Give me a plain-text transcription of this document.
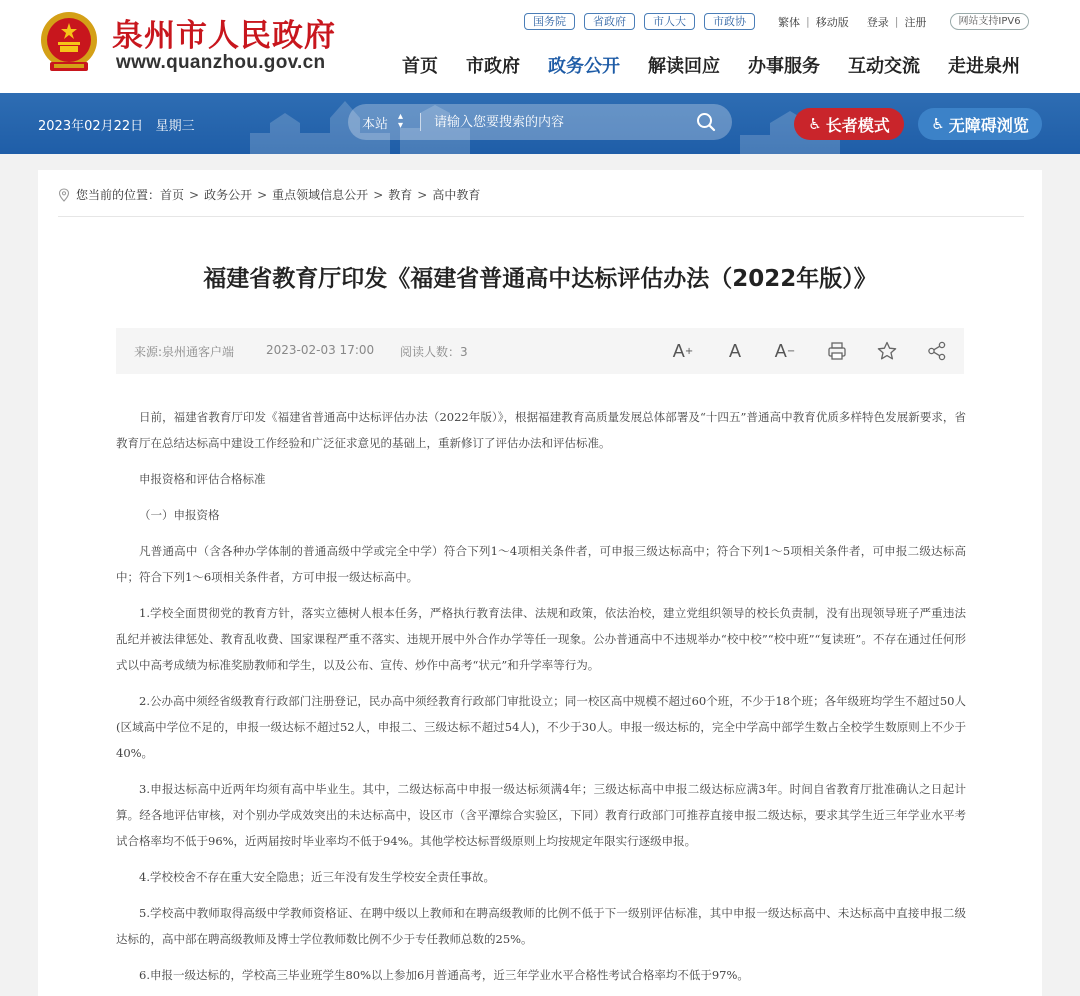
泉州市人民政府
www.quanzhou.gov.cn
国务院	省政府	市人大	市政协	繁体 | 移动版 登录 | 注册	网站支持IPV6
首页 市政府 政务公开 解读回应 办事服务 互动交流 走进泉州
2023年02月22日 星期三	本站
▴
▾
请输入您要搜索的内容	♿ 长者模式	♿ 无障碍浏览
您当前的位置： 首页 > 政务公开 > 重点领域信息公开 > 教育 > 高中教育
福建省教育厅印发《福建省普通高中达标评估办法（2022年版）》
来源:泉州通客户端	2023-02-03 17:00 阅读人数：3	A + A A −

日前，福建省教育厅印发《福建省普通高中达标评估办法（2022年版）》，根据福建教育高质量发展总体部署及“十四五”普通高中教育优质多样特色发展新要求，省教育厅在总结达标高中建设工作经验和广泛征求意见的基础上，重新修订了评估办法和评估标准。

申报资格和评估合格标准

（一）申报资格

凡普通高中（含各种办学体制的普通高级中学或完全中学）符合下列1～4项相关条件者，可申报三级达标高中；符合下列1～5项相关条件者，可申报二级达标高中；符合下列1～6项相关条件者，方可申报一级达标高中。

1.学校全面贯彻党的教育方针，落实立德树人根本任务，严格执行教育法律、法规和政策，依法治校，建立党组织领导的校长负责制，没有出现领导班子严重违法乱纪并被法律惩处、教育乱收费、国家课程严重不落实、违规开展中外合作办学等任一现象。公办普通高中不违规举办“校中校”“校中班”“复读班”。不存在通过任何形式以中高考成绩为标准奖励教师和学生，以及公布、宣传、炒作中高考“状元”和升学率等行为。

2.公办高中须经省级教育行政部门注册登记，民办高中须经教育行政部门审批设立；同一校区高中规模不超过60个班，不少于18个班；各年级班均学生不超过50人(区域高中学位不足的，申报一级达标不超过52人，申报二、三级达标不超过54人)，不少于30人。申报一级达标的，完全中学高中部学生数占全校学生数原则上不少于40%。

3.申报达标高中近两年均须有高中毕业生。其中，二级达标高中申报一级达标须满4年；三级达标高中申报二级达标应满3年。时间自省教育厅批准确认之日起计算。经各地评估审核，对个别办学成效突出的未达标高中，设区市（含平潭综合实验区，下同）教育行政部门可推荐直接申报二级达标，要求其学生近三年学业水平考试合格率均不低于96%，近两届按时毕业率均不低于94%。其他学校达标晋级原则上均按规定年限实行逐级申报。

4.学校校舍不存在重大安全隐患；近三年没有发生学校安全责任事故。

5.学校高中教师取得高级中学教师资格证、在聘中级以上教师和在聘高级教师的比例不低于下一级别评估标准，其中申报一级达标高中、未达标高中直接申报二级达标的，高中部在聘高级教师及博士学位教师数比例不少于专任教师总数的25%。

6.申报一级达标的，学校高三毕业班学生80%以上参加6月普通高考，近三年学业水平合格性考试合格率均不低于97%。
